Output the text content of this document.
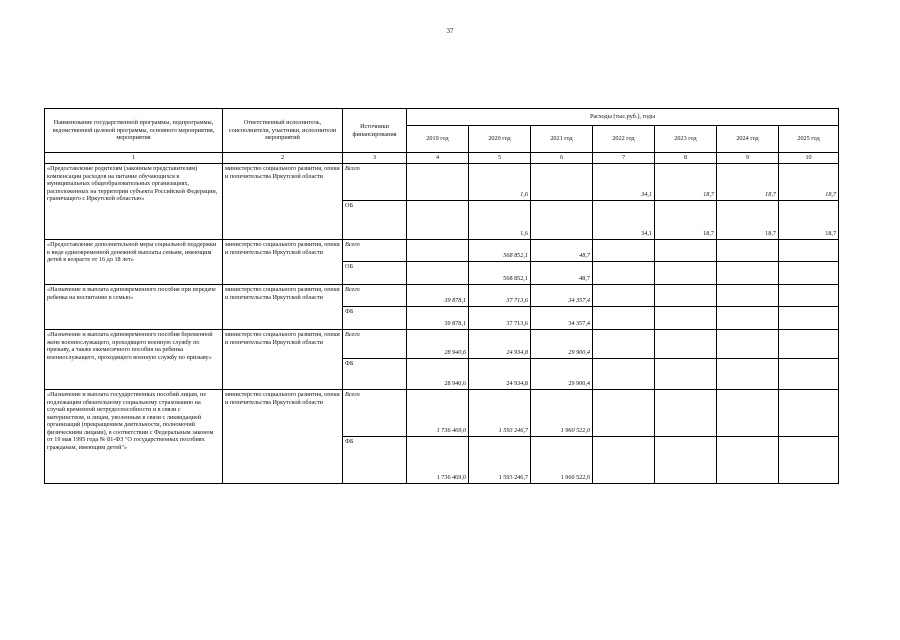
37
Наименование государственной программы, подпрограммы, ведомственной целевой программы, основного мероприятия, мероприятия	Ответственный исполнитель, соисполнители, участники, исполнители мероприятий	Источники финансирования	Расходы (тыс.руб.), годы						
			2019 год	2020 год	2021 год	2022 год	2023 год	2024 год	2025 год
1	2	3	4	5	6	7	8	9	10
«Предоставление родителям (законным представителям) компенсации расходов на питание обучающихся в муниципальных общеобразовательных организациях, расположенных на территории субъекта Российской Федерации, граничащего с Иркутской областью»	министерство социального развития, опеки и попечительства Иркутской области	Всего		1,6		34,1	18,7	18,7	18,7
		ОБ		1,6		34,1	18,7	18,7	18,7
«Предоставление дополнительной меры социальной поддержки в виде единовременной денежной выплаты семьям, имеющим детей в возрасте от 16 до 18 лет»	министерство социального развития, опеки и попечительства Иркутской области	Всего		568 852,1	48,7				
		ОБ		568 852,1	48,7				
«Назначение и выплата единовременного пособия при передаче ребенка на воспитание в семью»	министерство социального развития, опеки и попечительства Иркутской области	Всего	39 878,1	37 713,6	34 357,4				
		ФБ	39 878,1	37 713,6	34 357,4				
«Назначение и выплата единовременного пособия беременной жене военнослужащего, проходящего военную службу по призыву, а также ежемесячного пособия на ребенка военнослужащего, проходящего военную службу по призыву»	министерство социального развития, опеки и попечительства Иркутской области	Всего	28 940,6	24 934,8	29 900,4				
		ФБ	28 940,6	24 934,8	29 900,4				
«Назначение и выплата государственных пособий лицам, не подлежащим обязательному социальному страхованию на случай временной нетрудоспособности и в связи с материнством, и лицам, уволенным в связи с ликвидацией организаций (прекращением деятельности, полномочий физическими лицами), в соответствии с Федеральным законом от 19 мая 1995 года № 81-ФЗ "О государственных пособиях гражданам, имеющим детей"»	министерство социального развития, опеки и попечительства Иркутской области	Всего	1 736 469,0	1 593 246,7	1 960 522,0				
		ФБ	1 736 469,0	1 593 246,7	1 960 522,0				
